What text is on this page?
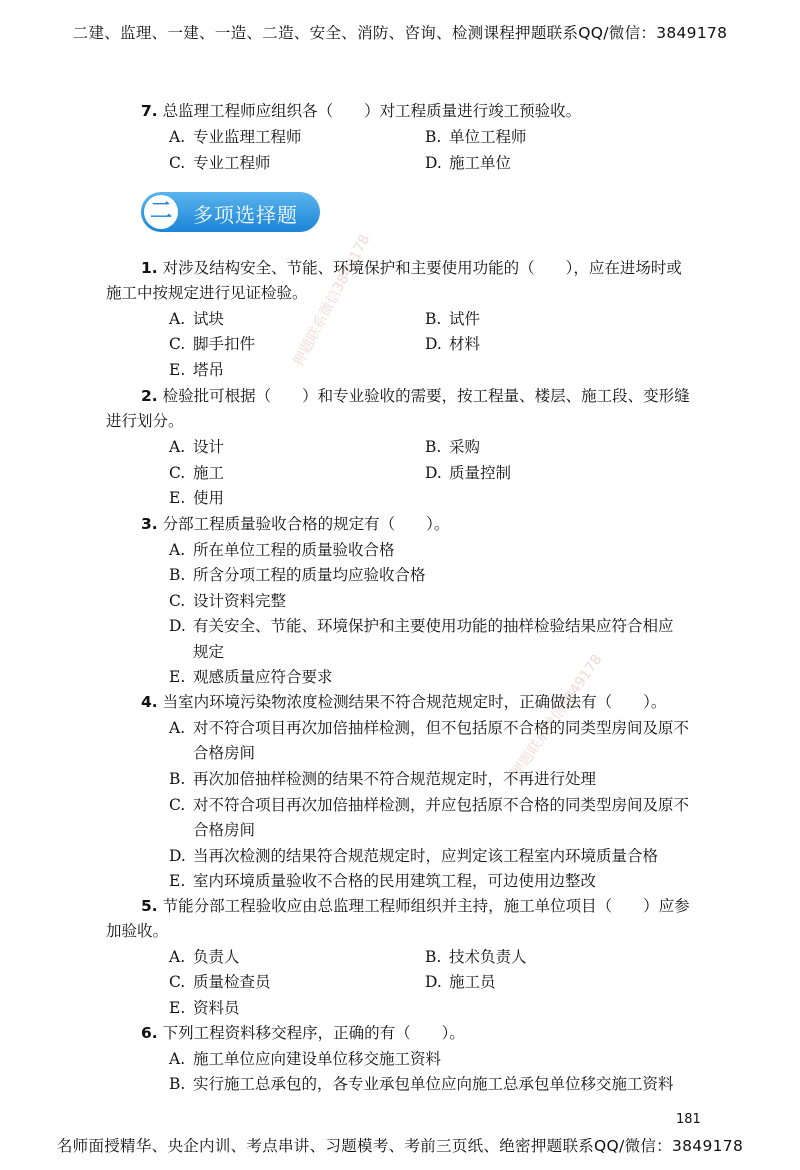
二建、监理、一建、一造、二造、安全、消防、咨询、检测课程押题联系QQ/微信：3849178
押题联系微信3849178
押题联系微信3849178
7. 总监理工程师应组织各（　　）对工程质量进行竣工预验收。
A. 专业监理工程师	B. 单位工程师
C. 专业工程师	D. 施工单位
二	多项选择题
1. 对涉及结构安全、节能、环境保护和主要使用功能的（　　），应在进场时或
施工中按规定进行见证检验。
A. 试块	B. 试件
C. 脚手扣件	D. 材料
E. 塔吊
2. 检验批可根据（　　）和专业验收的需要，按工程量、楼层、施工段、变形缝
进行划分。
A. 设计	B. 采购
C. 施工	D. 质量控制
E. 使用
3. 分部工程质量验收合格的规定有（　　）。
A. 所在单位工程的质量验收合格
B. 所含分项工程的质量均应验收合格
C. 设计资料完整
D. 有关安全、节能、环境保护和主要使用功能的抽样检验结果应符合相应
规定
E. 观感质量应符合要求
4. 当室内环境污染物浓度检测结果不符合规范规定时，正确做法有（　　）。
A. 对不符合项目再次加倍抽样检测，但不包括原不合格的同类型房间及原不
合格房间
B. 再次加倍抽样检测的结果不符合规范规定时，不再进行处理
C. 对不符合项目再次加倍抽样检测，并应包括原不合格的同类型房间及原不
合格房间
D. 当再次检测的结果符合规范规定时，应判定该工程室内环境质量合格
E. 室内环境质量验收不合格的民用建筑工程，可边使用边整改
5. 节能分部工程验收应由总监理工程师组织并主持，施工单位项目（　　）应参
加验收。
A. 负责人	B. 技术负责人
C. 质量检查员	D. 施工员
E. 资料员
6. 下列工程资料移交程序，正确的有（　　）。
A. 施工单位应向建设单位移交施工资料
B. 实行施工总承包的，各专业承包单位应向施工总承包单位移交施工资料
181
名师面授精华、央企内训、考点串讲、习题模考、考前三页纸、绝密押题联系QQ/微信：3849178
